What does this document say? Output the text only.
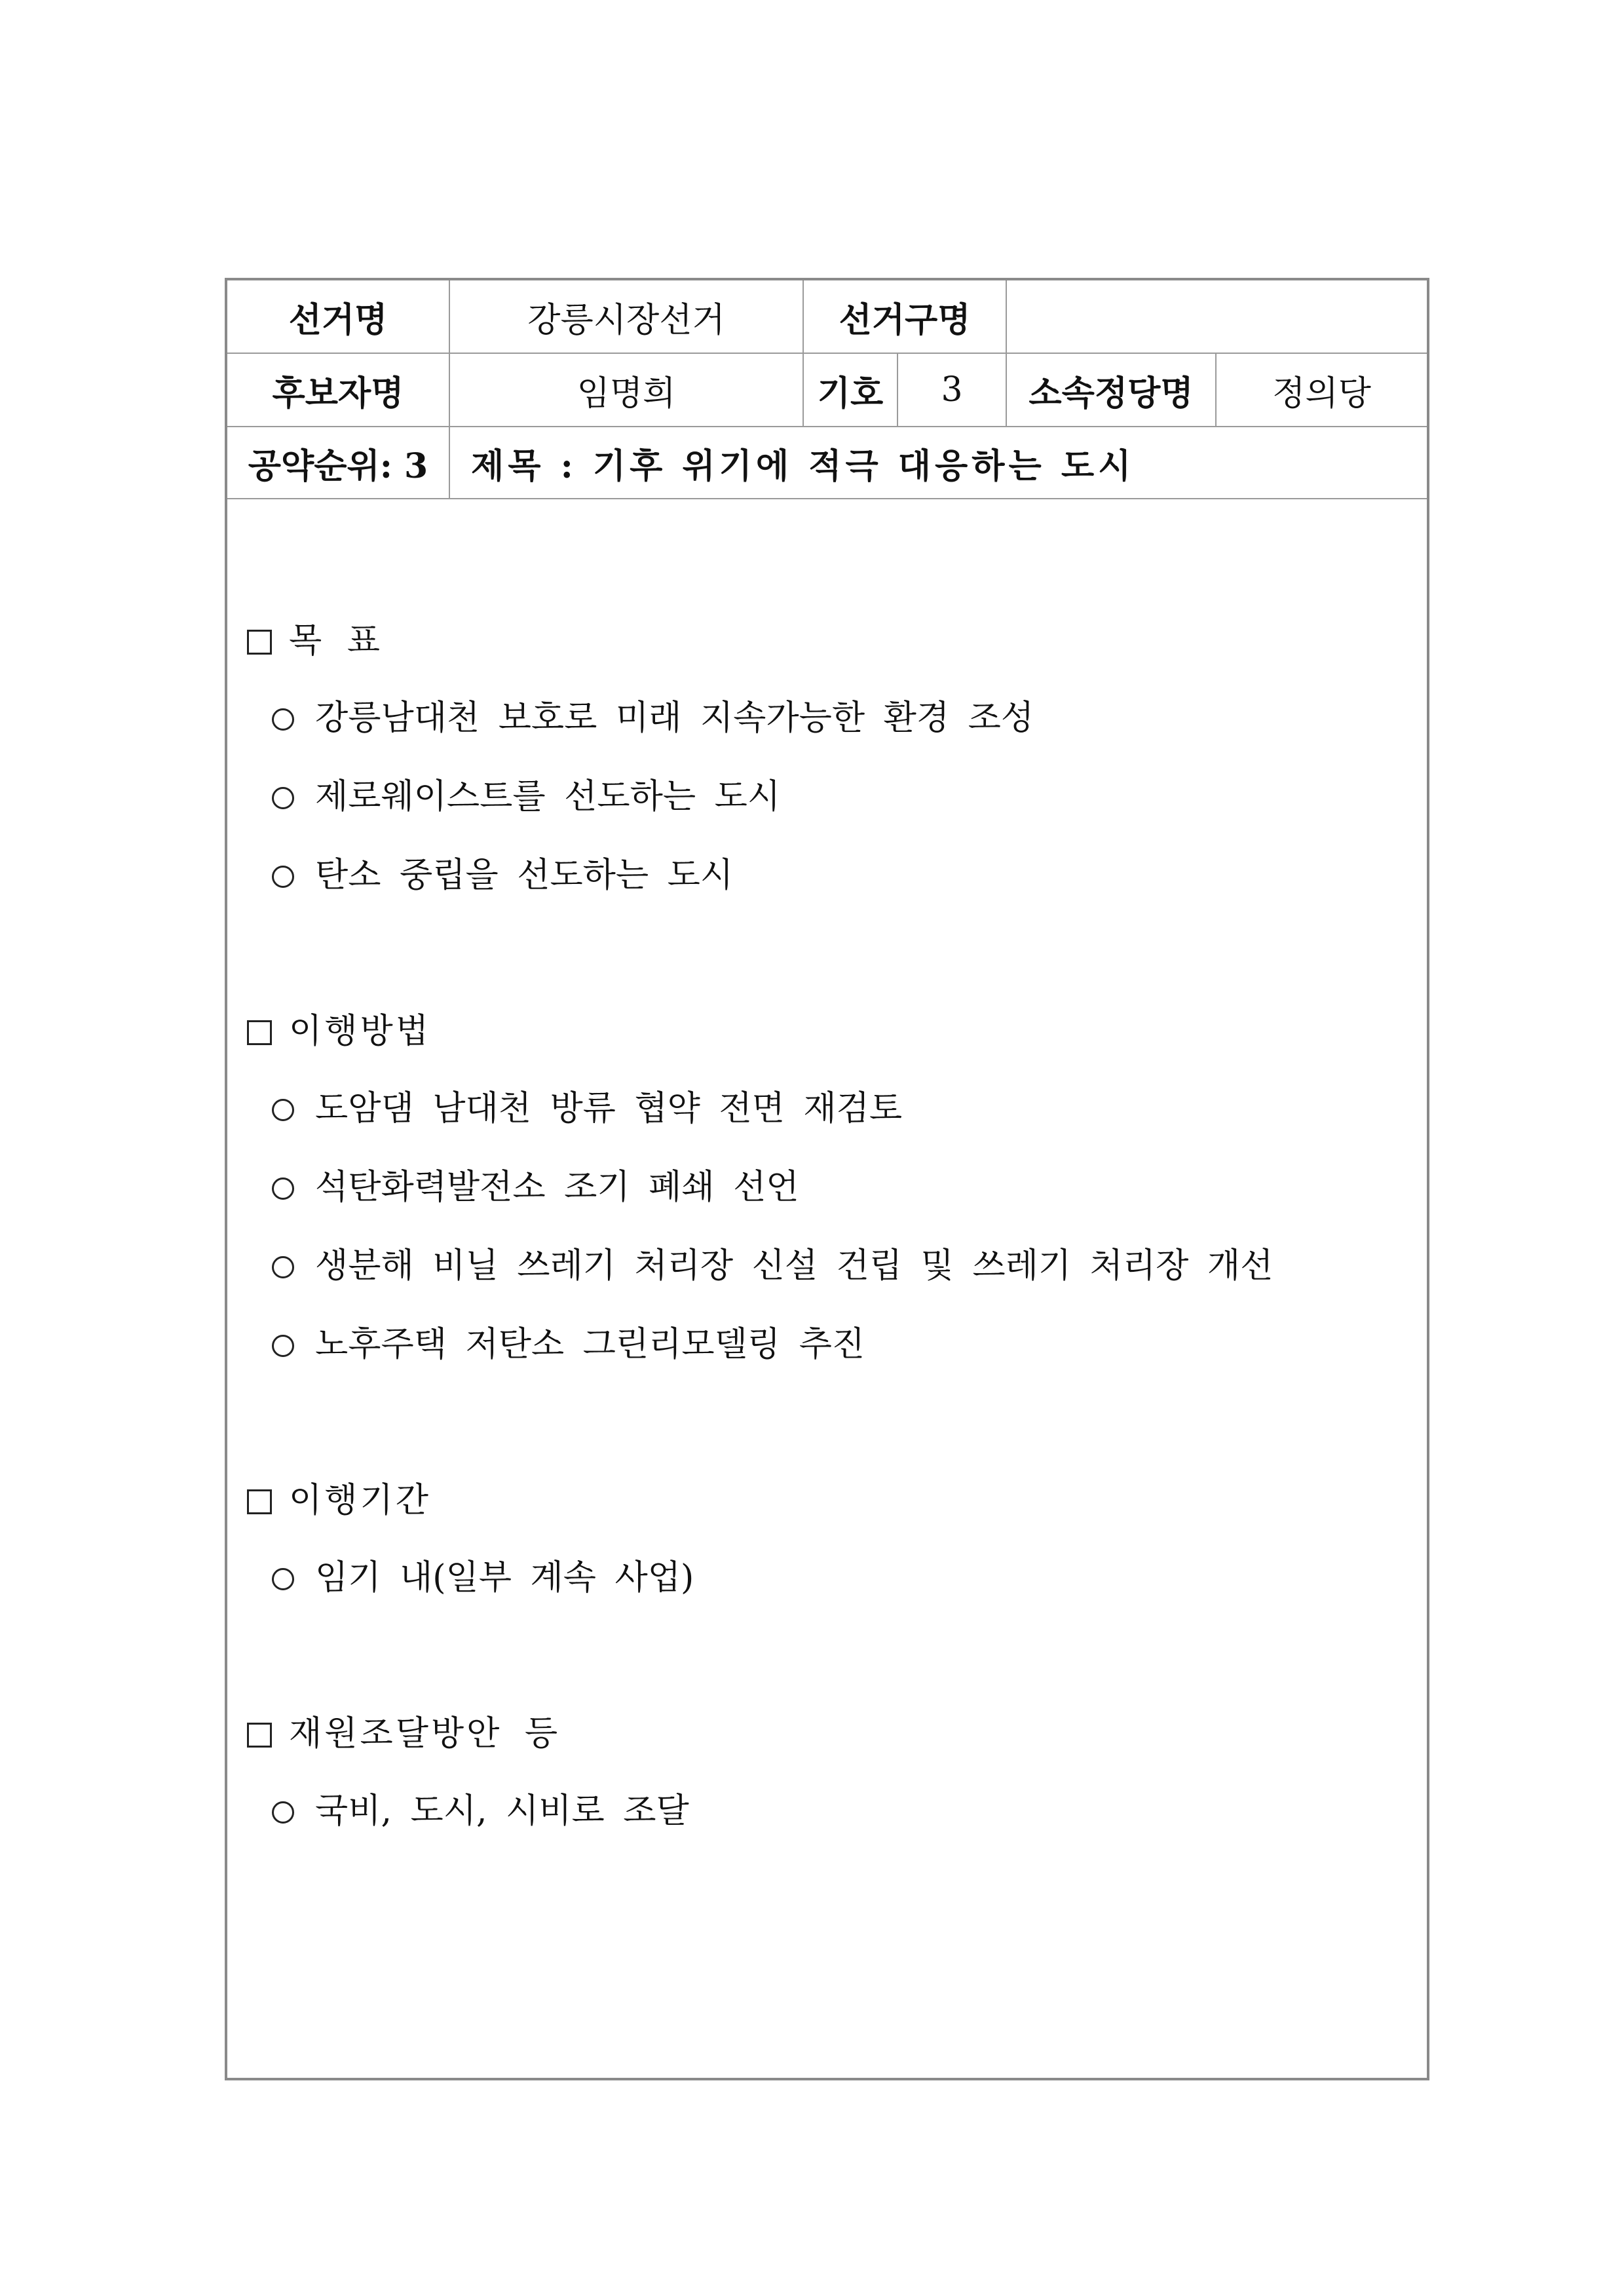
선거명	강릉시장선거	선거구명			
후보자명	임명희	기호	3	소속정당명	정의당
공약순위: 3	제목 : 기후 위기에 적극 대응하는 도시				

목 표

강릉남대천 보호로 미래 지속가능한 환경 조성

제로웨이스트를 선도하는 도시

탄소 중립을 선도하는 도시

이행방법

도암댐 남대천 방류 협약 전면 재검토

석탄화력발전소 조기 폐쇄 선언

생분해 비닐 쓰레기 처리장 신설 건립 및 쓰레기 처리장 개선

노후주택 저탄소 그린리모델링 추진

이행기간

임기 내(일부 계속 사업)

재원조달방안 등

국비, 도시, 시비로 조달
